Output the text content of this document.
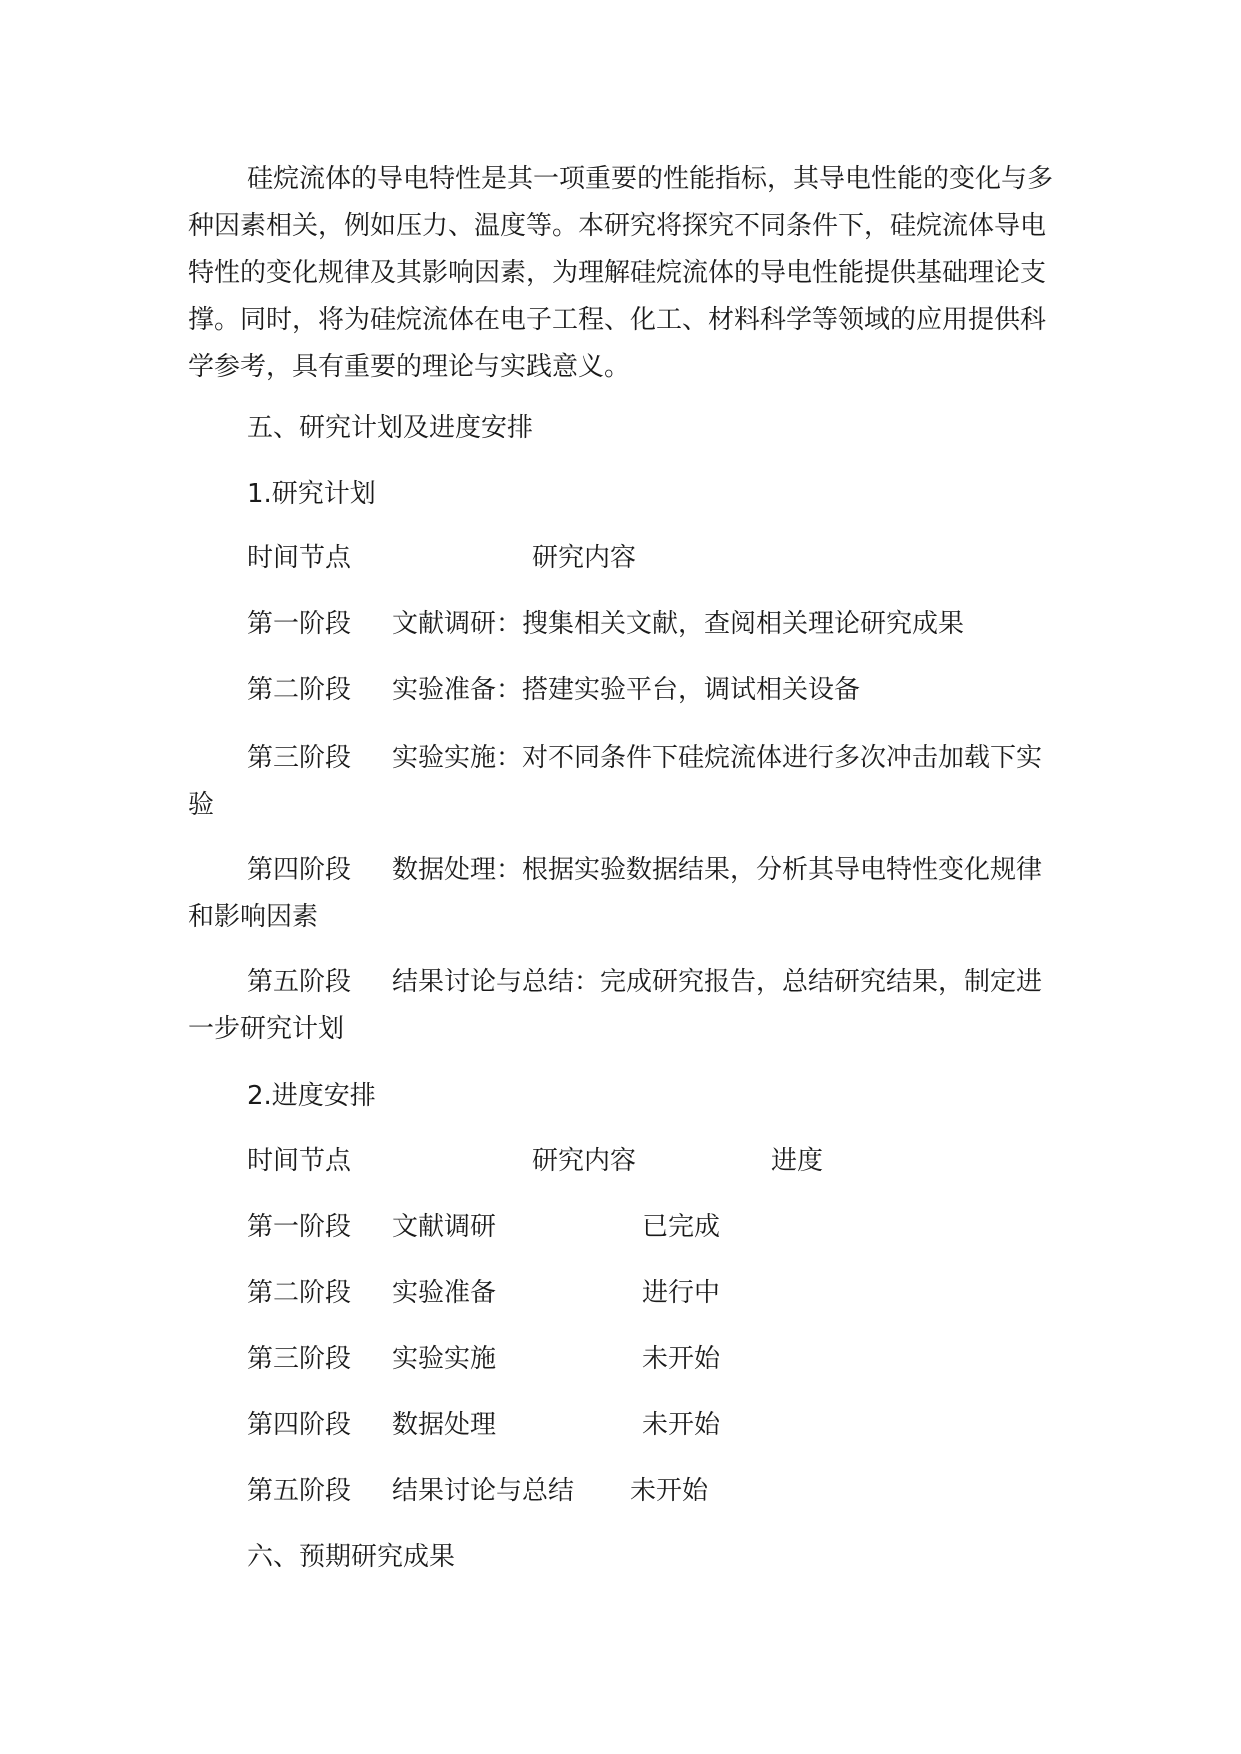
硅烷流体的导电特性是其一项重要的性能指标，其导电性能的变化与多种因素相关，例如压力、温度等。本研究将探究不同条件下，硅烷流体导电特性的变化规律及其影响因素，为理解硅烷流体的导电性能提供基础理论支撑。同时，将为硅烷流体在电子工程、化工、材料科学等领域的应用提供科学参考，具有重要的理论与实践意义。

五、研究计划及进度安排
1.研究计划
时间节点	研究内容
第一阶段 文献调研：搜集相关文献，查阅相关理论研究成果
第二阶段 实验准备：搭建实验平台，调试相关设备

第三阶段 实验实施：对不同条件下硅烷流体进行多次冲击加载下实验

第四阶段 数据处理：根据实验数据结果，分析其导电特性变化规律和影响因素

第五阶段 结果讨论与总结：完成研究报告，总结研究结果，制定进一步研究计划

2.进度安排
时间节点	研究内容	进度
第一阶段 文献调研	已完成
第二阶段 实验准备	进行中
第三阶段 实验实施	未开始
第四阶段 数据处理	未开始
第五阶段 结果讨论与总结 未开始
六、预期研究成果
